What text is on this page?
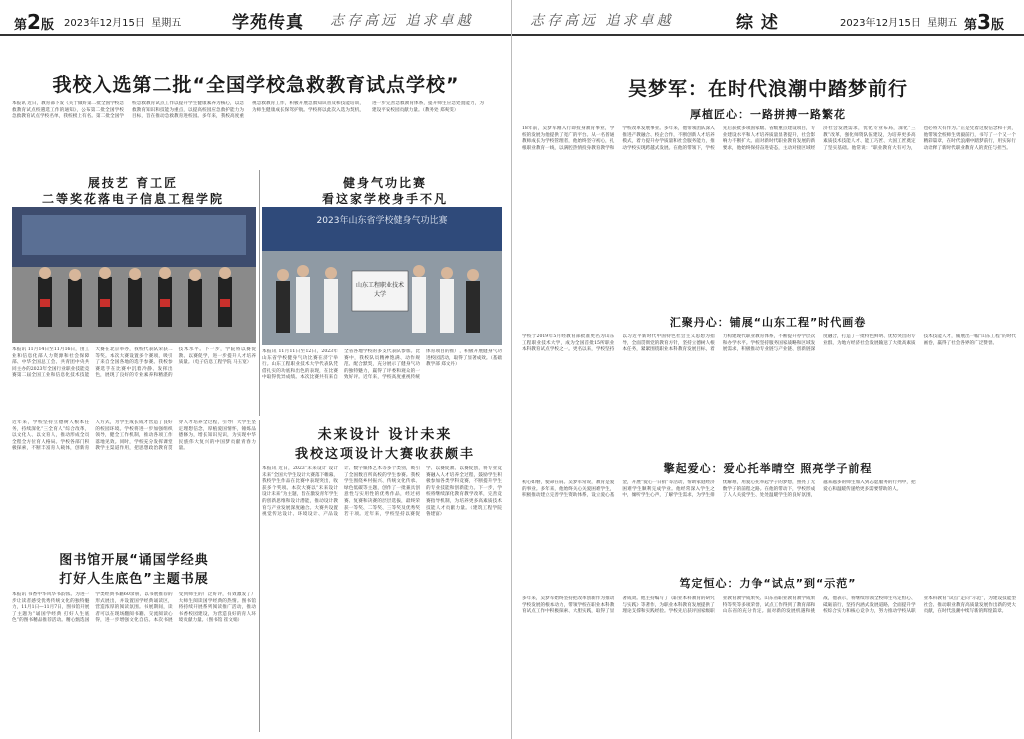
第2版 2023年12月15日 星期五	学苑传真 志存高远 追求卓越
我校入选第二批“全国学校急救教育试点学校”
本报讯 近日，教育部下发《关于做好第二批全国学校急救教育试点校遴选工作的通知》，公布第二批全国学校急救教育试点学校名单，我校榜上有名。第二批全国学校急救教育试点工作以提升学生健康素养为核心，以急救教育知识和技能为重点，以提高校园应急救护能力为目标，旨在推动急救教育进校园。多年来，我校高度重视急救教育工作，积极开展急救知识普及和技能培训，为师生健康成长保驾护航。学校将以此次入选为契机，进一步完善急救教育体系，提升师生应急处置能力，为建设平安校园贡献力量。（教务处 郑爽雯）
展技艺 育工匠
二等奖花落电子信息工程学院
本报讯 11月14日至11月16日，由工业和信息化部人力资源和社会保障部、中华全国总工会、共青团中央共同主办的2023年全国行业职业技能竞赛第二届全国工业和信息化技术技能大赛在北京举办，我校代表队荣获二等奖。本次大赛设置多个赛项，吸引了来自全国各地的选手参赛。我校参赛选手在比赛中沉着冷静、发挥出色，展现了良好的专业素养和精湛的技术水平。下一步，学院将以赛促教、以赛促学，进一步提升人才培养质量。（电子信息工程学院 马玉宽）
健身气功比赛
看这家学校身手不凡
2023年山东省学校健身气功比赛
山东工程职业技术大学
本报讯 11月11日至12日，2023年山东省学校健身气功比赛在济宁举行。山东工程职业技术大学代表队凭借扎实的功底和出色的表现，在比赛中取得优异成绩。本次比赛共有来自全省各地学校的多支代表队参加。比赛中，我校队员精神饱满、动作规范、配合默契，充分展示了健身气功的独特魅力，赢得了评委和观众的一致好评。近年来，学校高度重视传统体育项目的推广，积极开展健身气功进校园活动，取得了显著成效。（基础教学部 郑文丹）
未来设计 设计未来
我校这项设计大赛收获颇丰
本报讯 近日，2023“未来设计 设计未来”全国大学生设计大赛落下帷幕，我校学生作品在比赛中表现突出，收获多个奖项。本次大赛以“未来设计 设计未来”为主题，旨在激发青年学生的创新思维和设计潜能，推动设计教育与产业发展深度融合。大赛共设置视觉传达设计、环境设计、产品设计、数字媒体艺术等多个类别，吸引了全国数百所高校的学生参赛。我校学生围绕乡村振兴、传统文化传承、绿色低碳等主题，创作了一批兼具创意性与实用性的优秀作品，经过初赛、复赛和决赛的层层选拔，最终荣获一等奖、二等奖、三等奖及优秀奖若干项。近年来，学校坚持以赛促学、以赛促教、以赛促创，将专业竞赛融入人才培养全过程，鼓励学生积极参加各类学科竞赛，不断提升学生的专业技能和创新能力。下一步，学校将继续深化教育教学改革，完善竞赛指导机制，为培养更多高素质技术技能人才贡献力量。（建筑工程学院 鲁建富）
近年来，学校坚持立德树人根本任务，持续深化“三全育人”综合改革，以文化人、以文育人，推动形成全员全程全方位育人格局。学校各部门积极探索，不断丰富育人载体，创新育人方式，为学生成长成才营造了良好的校园环境。学校将进一步加强组织领导，健全工作机制，推动各项工作落地见效。同时，学校充分发挥课堂教学主渠道作用，把思想政治教育贯穿人才培养全过程，引导广大学生坚定理想信念，厚植爱国情怀，锤炼品德修为，增长知识见识，为实现中华民族伟大复兴的中国梦贡献青春力量。
图书馆开展“诵国学经典
打好人生底色”主题书展
本报讯 书香中华风华书韵浓。为进一步让读者感受优秀传统文化的独特魅力，11月1日—11月7日，图书馆开展了主题为“诵国学经典 打好人生底色”的图书精品推荐活动。精心甄选国学类经典书籍60余册，以书展推荐的形式展出，并设置国学经典诵读区，营造浓厚的阅读氛围。书展期间，读者可以在现场翻阅书籍、交流阅读心得，进一步增强文化自信。本次书展受到师生的广泛好评，有效激发了广大师生阅读国学经典的热情。图书馆将持续开展系列阅读推广活动，推动书香校园建设，为营造良好的育人环境贡献力量。（图书馆 崔文娟）
志存高远 追求卓越	综 述	2023年12月15日 星期五 第3版
吴梦军：在时代浪潮中踏梦前行
厚植匠心：一路拼搏一路繁花
18年前，吴梦军刚入行即投身教育事业，学校的发展为他提供了宽广的平台。从一名普通教师成长为学校管理者，他始终坚守初心，扎根职业教育一线，以满腔热情投身教育教学和学校改革发展事业。多年来，他带领团队深入推进产教融合、校企合作，不断创新人才培养模式，着力提升办学质量和社会服务能力，推动学校实现跨越式发展。在他的带领下，学校先后获批多项国家级、省级重点建设项目，专业建设水平和人才培养质量显著提升，社会影响力不断扩大。面对新时代职业教育发展的新要求，他始终保持奋进姿态，主动对接区域经济社会发展需求，优化专业布局，深化“三教”改革，强化师资队伍建设，为培养更多高素质技术技能人才、能工巧匠、大国工匠奠定了坚实基础。他常说：“职业教育大有可为，也必将大有作为。”正是凭着这股信念和干劲，他带领全校师生勇毅前行，书写了一个又一个精彩篇章，在时代浪潮中踏梦前行，用实际行动诠释了新时代职业教育人的责任与担当。
汇聚丹心：铺展“山东工程”时代画卷
学校于2019年5月经教育部批准更名为山东工程职业技术大学，成为全国首批15所职业本科教育试点学校之一。更名以来，学校坚持以习近平新时代中国特色社会主义思想为指导，全面贯彻党的教育方针，坚持立德树人根本任务，紧紧围绕职业本科教育发展目标，着力构建现代职业教育体系，不断提升办学层次和办学水平。学校坚持服务国家战略和区域发展需求，积极推动专业链与产业链、创新链深度融合，打造了一批特色鲜明、优势突出的专业群，为地方经济社会发展输送了大批高素质技术技能人才，铺展出一幅“山东工程”的时代画卷，赢得了社会各界的广泛赞誉。
擎起爱心：爱心托举晴空 照亮学子前程
初心如磐，使命在肩。吴梦军常说，教育是爱的事业。多年来，他始终关心关爱困难学生，积极推动建立完善学生资助体系，设立爱心基金，开展“爱心一日捐”等活动，帮助家庭经济困难学生顺利完成学业。他经常深入学生之中，倾听学生心声，了解学生需求，为学生排忧解难，用爱心托举起学子的梦想，照亮了无数学子的前程之路。在他的带动下，学校形成了人人关爱学生、处处温暖学生的良好氛围，越来越多的师生加入到志愿服务的行列中，把爱心和温暖传递给更多需要帮助的人。
笃定恒心：力争“试点”到“示范”
多年来，吴梦军始终坚持把改革创新作为推动学校发展的根本动力，带领学校在职业本科教育试点工作中积极探索、大胆实践，取得了显著成效。他主持编写了《职业本科教育的研究与实践》等著作，为职业本科教育发展提供了理论支撑和实践经验。学校先后获评国家级职业教育教学成果奖、山东省职业教育教学成果特等奖等多项荣誉，试点工作得到了教育部和山东省的充分肯定。面对新的发展机遇和挑战，他表示，将继续带领全校师生笃定恒心、砥砺前行，坚持内涵式发展道路，全面提升学校综合实力和核心竞争力，努力推动学校从职业本科教育“试点”走向“示范”，为建设技能型社会、推动职业教育高质量发展作出新的更大贡献，在时代浪潮中续写新的辉煌篇章。
